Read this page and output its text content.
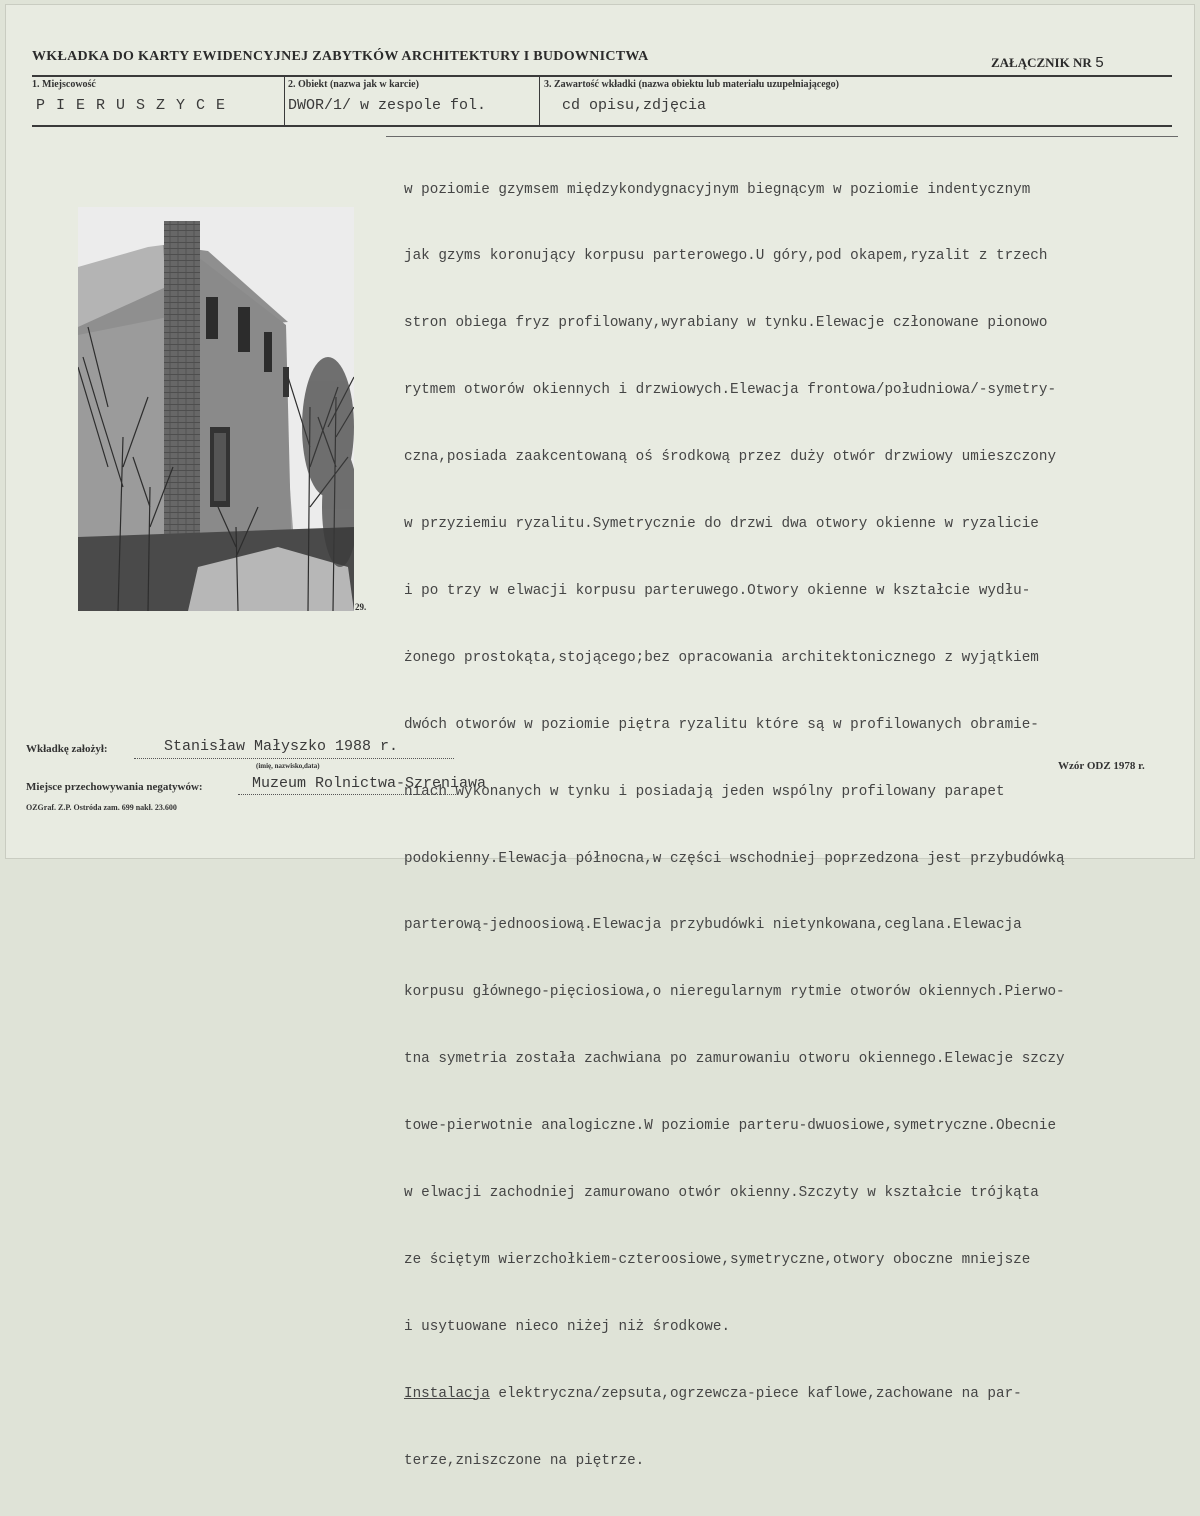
WKŁADKA DO KARTY EWIDENCYJNEJ ZABYTKÓW ARCHITEKTURY I BUDOWNICTWA	ZAŁĄCZNIK NR 5
1. Miejscowość
P I E R U S Z Y C E
2. Obiekt (nazwa jak w karcie)
DWOR/1/ w zespole fol.
3. Zawartość wkładki (nazwa obiektu lub materiału uzupełniającego)
cd opisu,zdjęcia
29.

w poziomie gzymsem międzykondygnacyjnym biegnącym w poziomie indentycznym

jak gzyms koronujący korpusu parterowego.U góry,pod okapem,ryzalit z trzech

stron obiega fryz profilowany,wyrabiany w tynku.Elewacje członowane pionowo

rytmem otworów okiennych i drzwiowych.Elewacja frontowa/południowa/-symetry-

czna,posiada zaakcentowaną oś środkową przez duży otwór drzwiowy umieszczony

w przyziemiu ryzalitu.Symetrycznie do drzwi dwa otwory okienne w ryzalicie

i po trzy w elwacji korpusu parteruwego.Otwory okienne w kształcie wydłu-

żonego prostokąta,stojącego;bez opracowania architektonicznego z wyjątkiem

dwóch otworów w poziomie piętra ryzalitu które są w profilowanych obramie-

niach wykonanych w tynku i posiadają jeden wspólny profilowany parapet

podokienny.Elewacja północna,w części wschodniej poprzedzona jest przybudówką

parterową-jednoosiową.Elewacja przybudówki nietynkowana,ceglana.Elewacja

korpusu głównego-pięciosiowa,o nieregularnym rytmie otworów okiennych.Pierwo-

tna symetria została zachwiana po zamurowaniu otworu okiennego.Elewacje szczy

towe-pierwotnie analogiczne.W poziomie parteru-dwuosiowe,symetryczne.Obecnie

w elwacji zachodniej zamurowano otwór okienny.Szczyty w kształcie trójkąta

ze ściętym wierzchołkiem-czteroosiowe,symetryczne,otwory oboczne mniejsze

i usytuowane nieco niżej niż środkowe.

Instalacja elektryczna/zepsuta,ogrzewcza-piece kaflowe,zachowane na par-

terze,zniszczone na piętrze.

Wkładkę założył:	Stanisław Małyszko 1988 r.
(imię, nazwisko,data)
Miejsce przechowywania negatywów:	Muzeum Rolnictwa-Szreniawa
Wzór ODZ 1978 r.
OZGraf. Z.P. Ostróda zam. 699 nakł. 23.600
